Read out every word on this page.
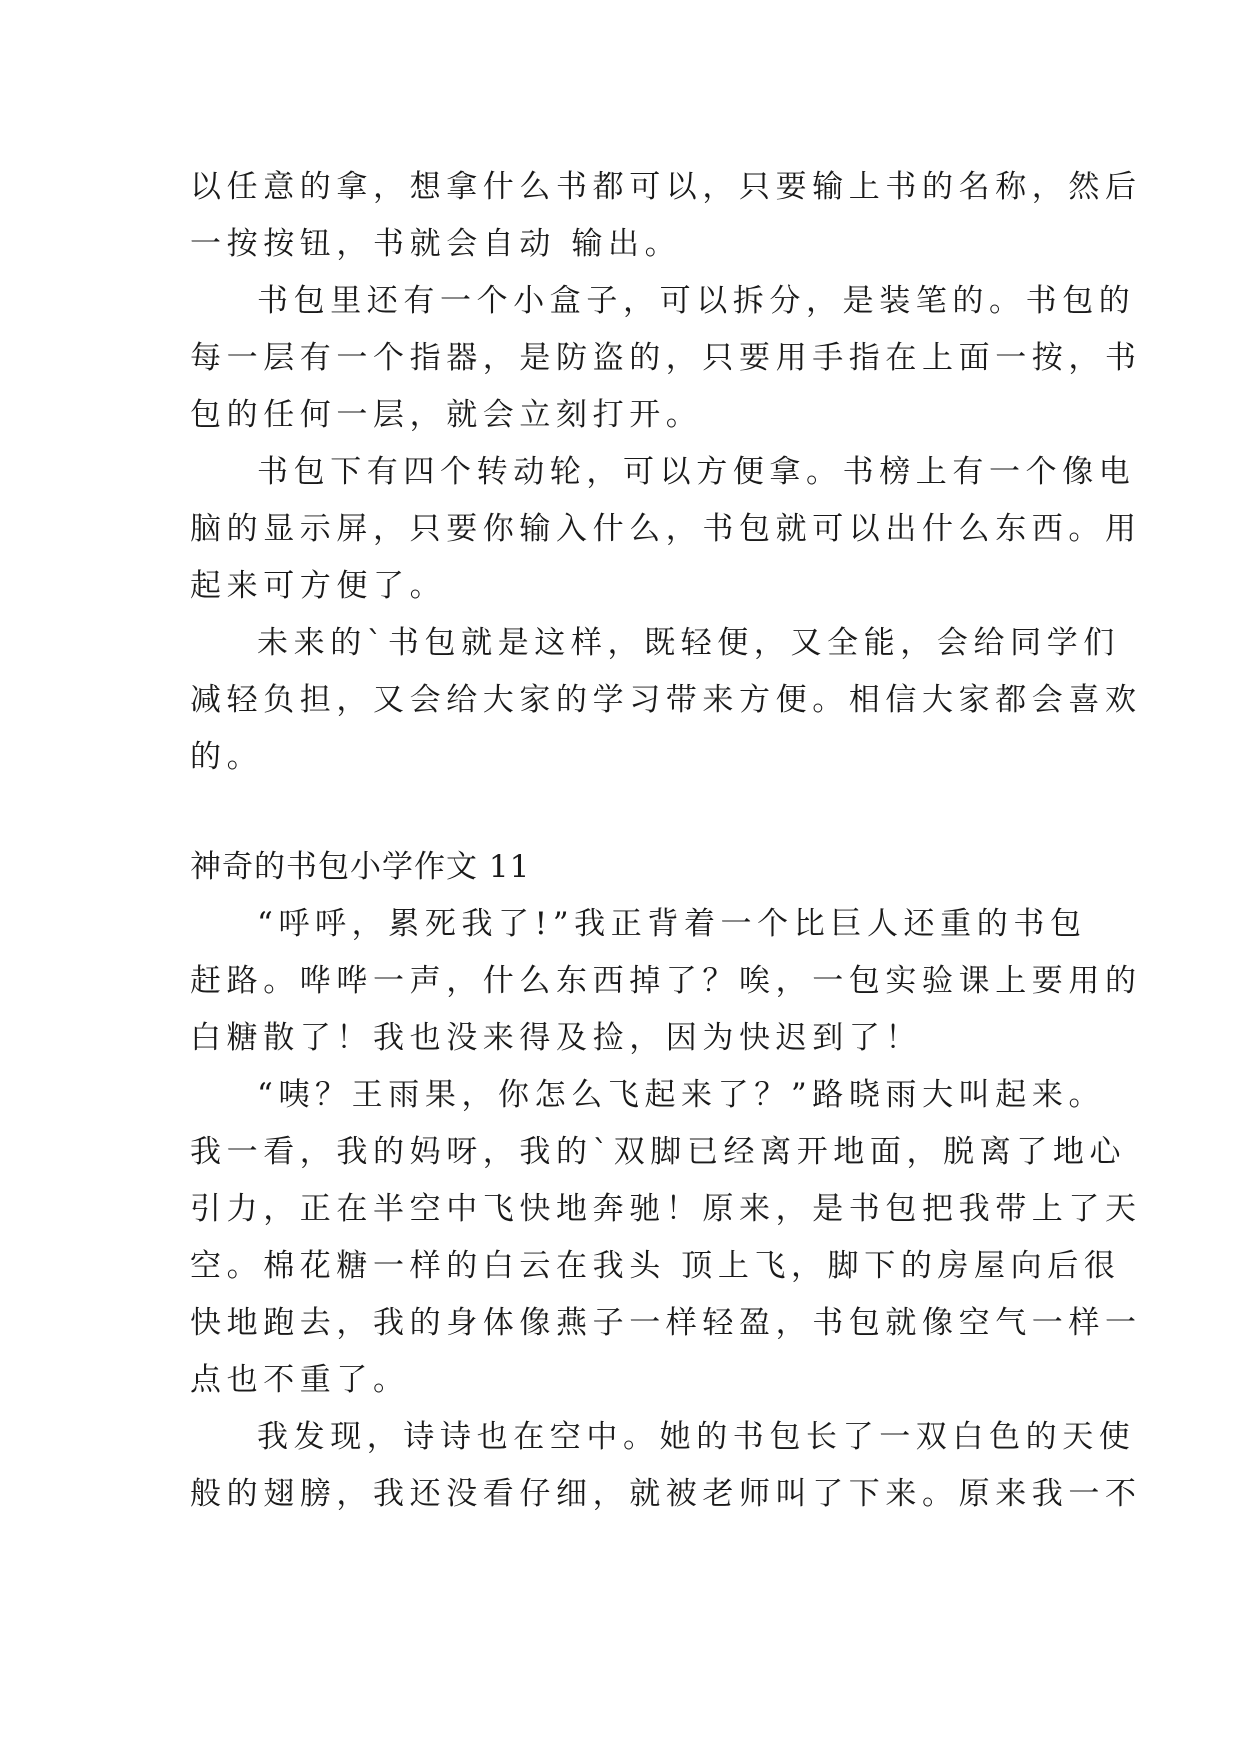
以任意的拿，想拿什么书都可以，只要输上书的名称，然后
一按按钮，书就会自动 输出。
书包里还有一个小盒子，可以拆分，是装笔的。书包的
每一层有一个指器，是防盗的，只要用手指在上面一按，书
包的任何一层，就会立刻打开。
书包下有四个转动轮，可以方便拿。书榜上有一个像电
脑的显示屏，只要你输入什么，书包就可以出什么东西。用
起来可方便了。
未来的`书包就是这样，既轻便，又全能，会给同学们
减轻负担，又会给大家的学习带来方便。相信大家都会喜欢
的。
神奇的书包小学作文 11
“呼呼，累死我了!”我正背着一个比巨人还重的书包
赶路。哗哗一声，什么东西掉了？唉，一包实验课上要用的
白糖散了！我也没来得及捡，因为快迟到了！
“咦？王雨果，你怎么飞起来了？”路晓雨大叫起来。
我一看，我的妈呀，我的`双脚已经离开地面，脱离了地心
引力，正在半空中飞快地奔驰！原来，是书包把我带上了天
空。棉花糖一样的白云在我头 顶上飞，脚下的房屋向后很
快地跑去，我的身体像燕子一样轻盈，书包就像空气一样一
点也不重了。
我发现，诗诗也在空中。她的书包长了一双白色的天使
般的翅膀，我还没看仔细，就被老师叫了下来。原来我一不
